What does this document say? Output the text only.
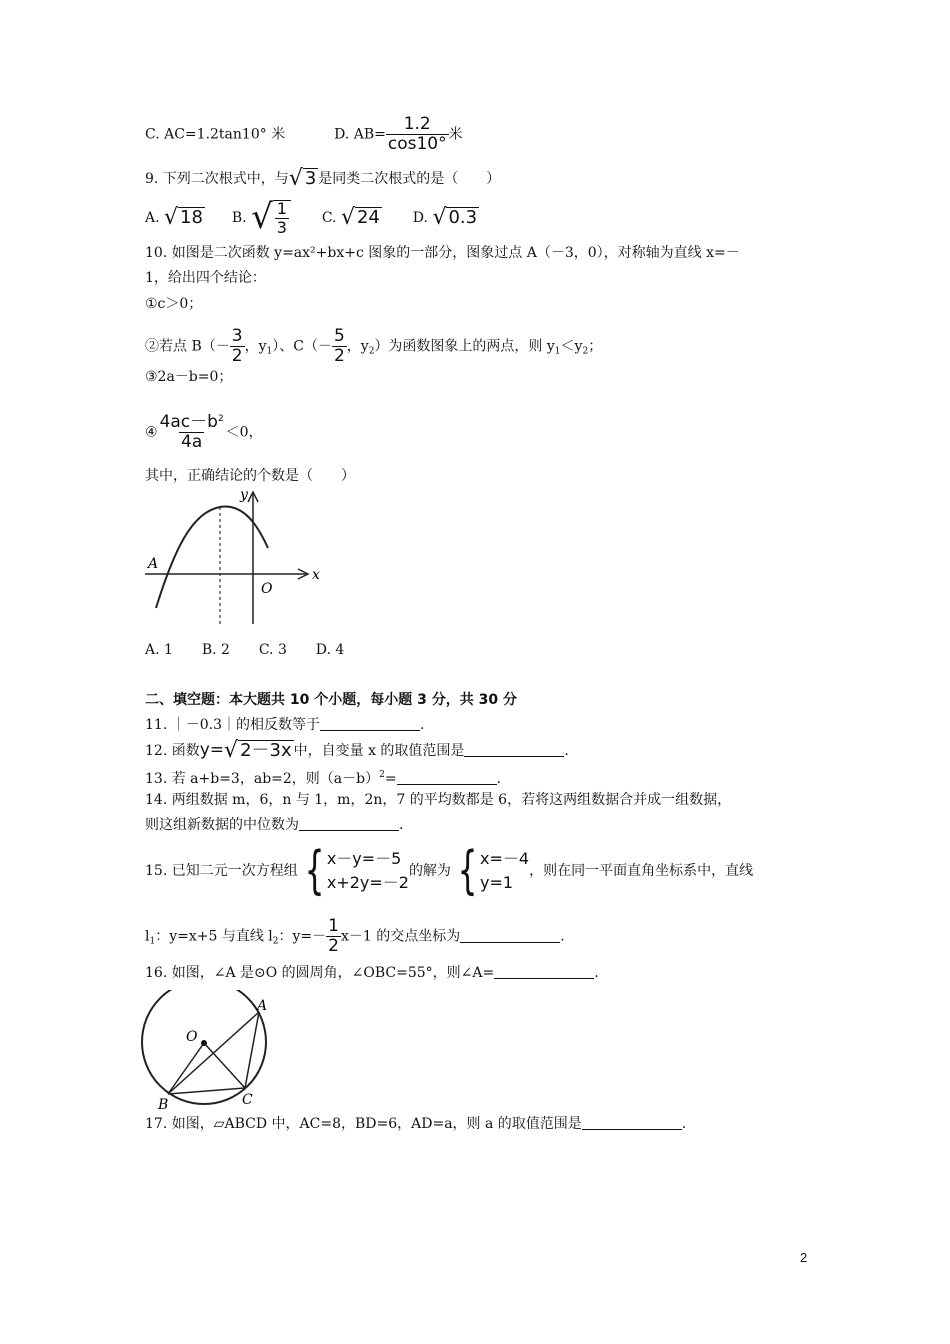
C. AC=1.2tan10° 米	D. $AB= \frac{1.2}{\cos 10^\circ}$ 米
9. 下列二次根式中，与 √ 3 是同类二次根式的是（　　）
A. √ 18 B. √ $\frac{1}{3} C$. √ 24 D. √ 0.3
10. 如图是二次函数 y=ax²+bx+c 图象的一部分，图象过点 A（－3，0），对称轴为直线 x=－
1，给出四个结论：
①c＞0；
②若点 $B(- \frac{3}{2}$ ，$y_1$）、$C(- \frac{5}{2}$ ，$y_2$）为函数图象上的两点，则 $y_1<y_2$；
③2a－b=0；
④ $\frac{4ac-b^2}{4a} <0$，
其中，正确结论的个数是（　　）
y
x
A
O
A. 1 B. 2 C. 3 D. 4
二、填空题：本大题共 10 个小题，每小题 3 分，共 30 分
11. ｜－0.3｜的相反数等于	.
12. 函数y= √ 2－3x 中，自变量 x 的取值范围是	.
13. 若 a+b=3，ab=2，则$(a-b)^2=$	.
14. 两组数据 m，6，n 与 1，m，2n，7 的平均数都是 6，若将这两组数据合并成一组数据，
则这组新数据的中位数为	.
15. 已知二元一次方程组 { x－y=－5
x+2y=－2
的解为 { x=－4
y=1
，则在同一平面直角坐标系中，直线
$l_1$：y=x+5 与直线 $l_2$：$y=- \frac{1}{2} x-1$ 的交点坐标为	.
16. 如图，∠A 是⊙O 的圆周角，∠OBC=55°，则∠A=	.
A
O
B	C
17. 如图，▱ABCD 中，AC=8，BD=6，AD=a，则 a 的取值范围是	.
2
